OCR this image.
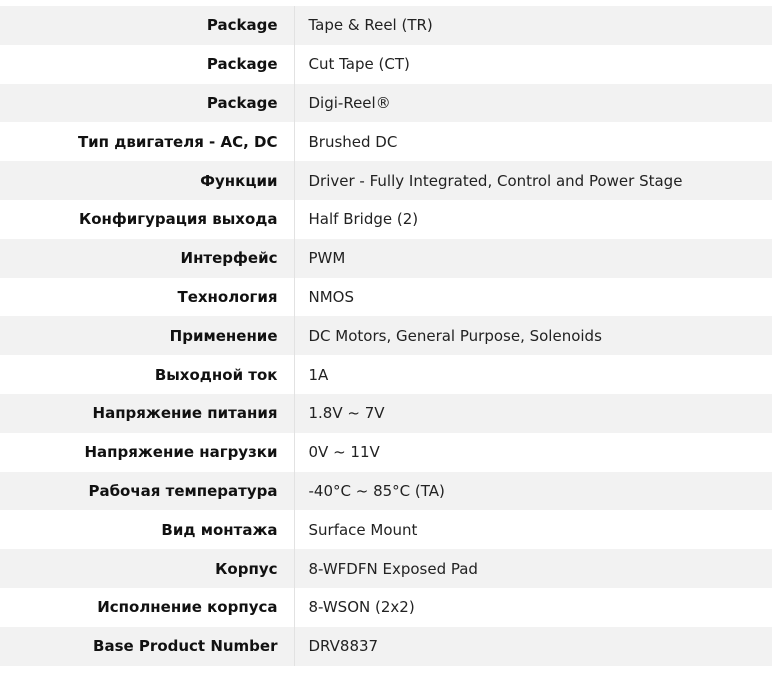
Package	Tape & Reel (TR)
Package	Cut Tape (CT)
Package	Digi-Reel®
Тип двигателя - AC, DC	Brushed DC
Функции	Driver - Fully Integrated, Control and Power Stage
Конфигурация выхода	Half Bridge (2)
Интерфейс	PWM
Технология	NMOS
Применение	DC Motors, General Purpose, Solenoids
Выходной ток	1A
Напряжение питания	1.8V ~ 7V
Напряжение нагрузки	0V ~ 11V
Рабочая температура	-40°C ~ 85°C (TA)
Вид монтажа	Surface Mount
Корпус	8-WFDFN Exposed Pad
Исполнение корпуса	8-WSON (2x2)
Base Product Number	DRV8837
